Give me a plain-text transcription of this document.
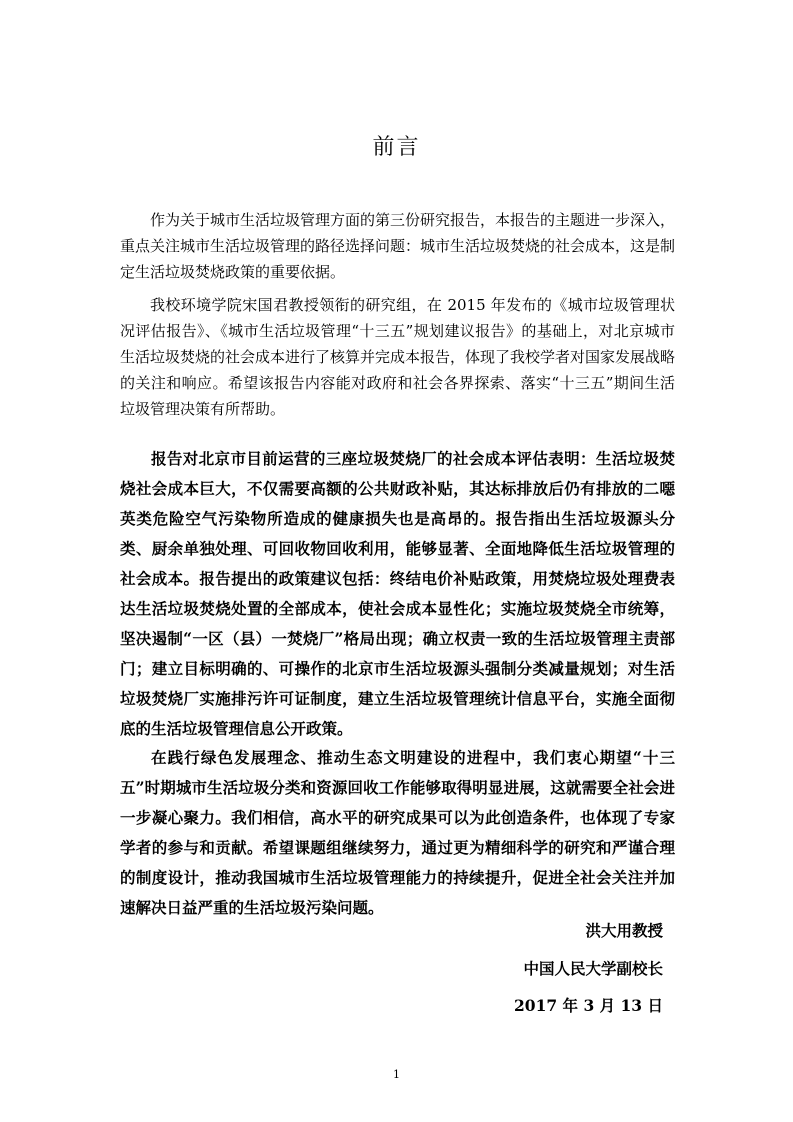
前言

作为关于城市生活垃圾管理方面的第三份研究报告，本报告的主题进一步深入，重点关注城市生活垃圾管理的路径选择问题：城市生活垃圾焚烧的社会成本，这是制定生活垃圾焚烧政策的重要依据。

我校环境学院宋国君教授领衔的研究组，在 2015 年发布的《城市垃圾管理状况评估报告》、《城市生活垃圾管理“十三五”规划建议报告》的基础上，对北京城市生活垃圾焚烧的社会成本进行了核算并完成本报告，体现了我校学者对国家发展战略的关注和响应。希望该报告内容能对政府和社会各界探索、落实“十三五”期间生活垃圾管理决策有所帮助。

报告对北京市目前运营的三座垃圾焚烧厂的社会成本评估表明：生活垃圾焚烧社会成本巨大，不仅需要高额的公共财政补贴，其达标排放后仍有排放的二噁英类危险空气污染物所造成的健康损失也是高昂的。报告指出生活垃圾源头分类、厨余单独处理、可回收物回收利用，能够显著、全面地降低生活垃圾管理的社会成本。报告提出的政策建议包括：终结电价补贴政策，用焚烧垃圾处理费表达生活垃圾焚烧处置的全部成本，使社会成本显性化；实施垃圾焚烧全市统筹，坚决遏制“一区（县）一焚烧厂”格局出现；确立权责一致的生活垃圾管理主责部门；建立目标明确的、可操作的北京市生活垃圾源头强制分类减量规划；对生活垃圾焚烧厂实施排污许可证制度，建立生活垃圾管理统计信息平台，实施全面彻底的生活垃圾管理信息公开政策。

在践行绿色发展理念、推动生态文明建设的进程中，我们衷心期望“十三五”时期城市生活垃圾分类和资源回收工作能够取得明显进展，这就需要全社会进一步凝心聚力。我们相信，高水平的研究成果可以为此创造条件，也体现了专家学者的参与和贡献。希望课题组继续努力，通过更为精细科学的研究和严谨合理的制度设计，推动我国城市生活垃圾管理能力的持续提升，促进全社会关注并加速解决日益严重的生活垃圾污染问题。

洪大用教授
中国人民大学副校长
2017 年 3 月 13 日
1
